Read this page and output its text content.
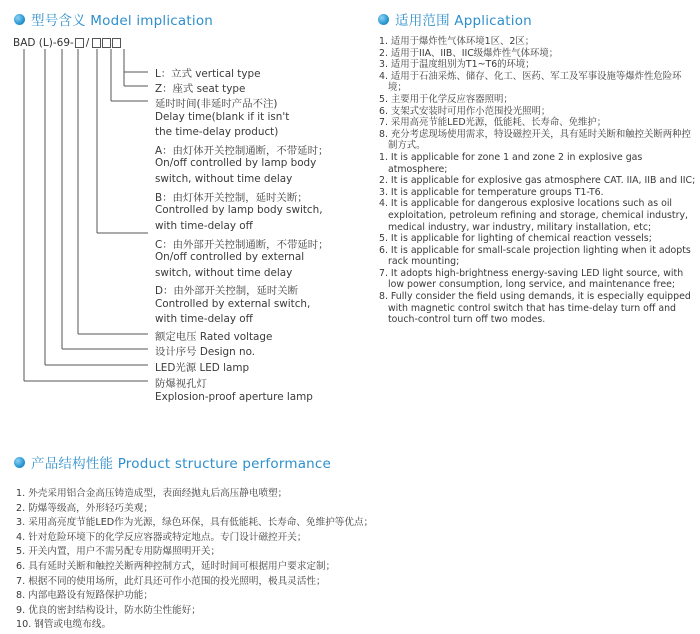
型号含义 Model implication
BAD (L)-69- /
L：立式 vertical type
Z：座式 seat type
延时时间(非延时产品不注)
Delay time(blank if it isn't
the time-delay product)
A：由灯体开关控制通断，不带延时；
On/off controlled by lamp body
switch, without time delay
B：由灯体开关控制，延时关断；
Controlled by lamp body switch,
with time-delay off
C：由外部开关控制通断，不带延时；
On/off controlled by external
switch, without time delay
D：由外部开关控制，延时关断
Controlled by external switch,
with time-delay off
额定电压 Rated voltage
设计序号 Design no.
LED光源 LED lamp
防爆视孔灯
Explosion-proof aperture lamp
适用范围 Application
1. 适用于爆炸性气体环境1区、2区；
2. 适用于IIA、IIB、IIC级爆炸性气体环境；
3. 适用于温度组别为T1~T6的环境；
4. 适用于石油采炼、储存、化工、医药、军工及军事设施等爆炸性危险环境；
5. 主要用于化学反应容器照明；
6. 支架式安装时可用作小范围投光照明；
7. 采用高亮节能LED光源，低能耗、长寿命、免维护；
8. 充分考虑现场使用需求，特设磁控开关，具有延时关断和触控关断两种控制方式。
1. It is applicable for zone 1 and zone 2 in explosive gas atmosphere;
2. It is applicable for explosive gas atmosphere CAT. IIA, IIB and IIC;
3. It is applicable for temperature groups T1-T6.
4. It is applicable for dangerous explosive locations such as oil exploitation, petroleum refining and storage, chemical industry, medical industry, war industry, military installation, etc;
5. It is applicable for lighting of chemical reaction vessels;
6. It is applicable for small-scale projection lighting when it adopts rack mounting;
7. It adopts high-brightness energy-saving LED light source, with low power consumption, long service, and maintenance free;
8. Fully consider the field using demands, it is especially equipped with magnetic control switch that has time-delay turn off and touch-control turn off two modes.
产品结构性能 Product structure performance
1. 外壳采用铝合金高压铸造成型，表面经抛丸后高压静电喷塑；
2. 防爆等级高，外形轻巧美观；
3. 采用高亮度节能LED作为光源，绿色环保，具有低能耗、长寿命、免维护等优点；
4. 针对危险环境下的化学反应容器或特定地点。专门设计磁控开关；
5. 开关内置，用户不需另配专用防爆照明开关；
6. 具有延时关断和触控关断两种控制方式，延时时间可根据用户要求定制；
7. 根据不同的使用场所，此灯具还可作小范围的投光照明，极具灵活性；
8. 内部电路设有短路保护功能；
9. 优良的密封结构设计，防水防尘性能好；
10. 钢管或电缆布线。
